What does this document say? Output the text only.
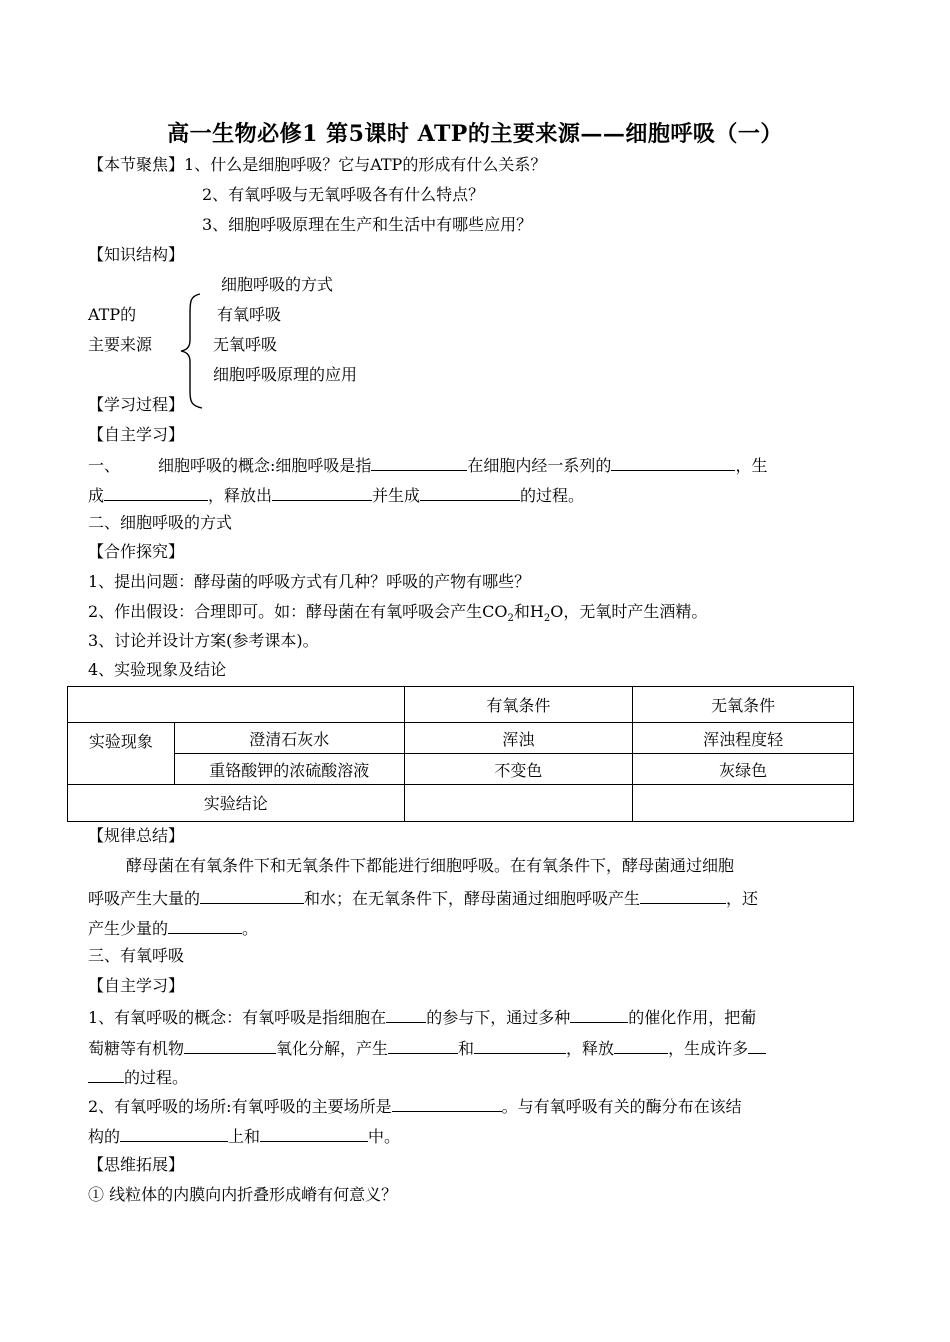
高一生物必修1 第5课时 ATP的主要来源——细胞呼吸（一）
【本节聚焦】1、什么是细胞呼吸？它与ATP的形成有什么关系？
2、有氧呼吸与无氧呼吸各有什么特点？
3、细胞呼吸原理在生产和生活中有哪些应用？
【知识结构】
ATP的
主要来源
细胞呼吸的方式
有氧呼吸
无氧呼吸
细胞呼吸原理的应用
【学习过程】
【自主学习】
一、 细胞呼吸的概念:细胞呼吸是指	在细胞内经一系列的	，生
成	，释放出	并生成	的过程。
二、细胞呼吸的方式
【合作探究】
1、提出问题：酵母菌的呼吸方式有几种？呼吸的产物有哪些？
2、作出假设：合理即可。如：酵母菌在有氧呼吸会产生$CO_2$和$H_2O$，无氧时产生酒精。
3、讨论并设计方案(参考课本)。
4、实验现象及结论
		有氧条件	无氧条件
实验现象	澄清石灰水	浑浊	浑浊程度轻
	重铬酸钾的浓硫酸溶液	不变色	灰绿色
实验结论			
【规律总结】
酵母菌在有氧条件下和无氧条件下都能进行细胞呼吸。在有氧条件下，酵母菌通过细胞
呼吸产生大量的	和水；在无氧条件下，酵母菌通过细胞呼吸产生	，还
产生少量的	。
三、有氧呼吸
【自主学习】
1、有氧呼吸的概念：有氧呼吸是指细胞在	的参与下，通过多种	的催化作用，把葡
萄糖等有机物	氧化分解，产生	和	，释放	，生成许多
的过程。
2、有氧呼吸的场所:有氧呼吸的主要场所是	。与有氧呼吸有关的酶分布在该结
构的	上和	中。
【思维拓展】
① 线粒体的内膜向内折叠形成嵴有何意义？
